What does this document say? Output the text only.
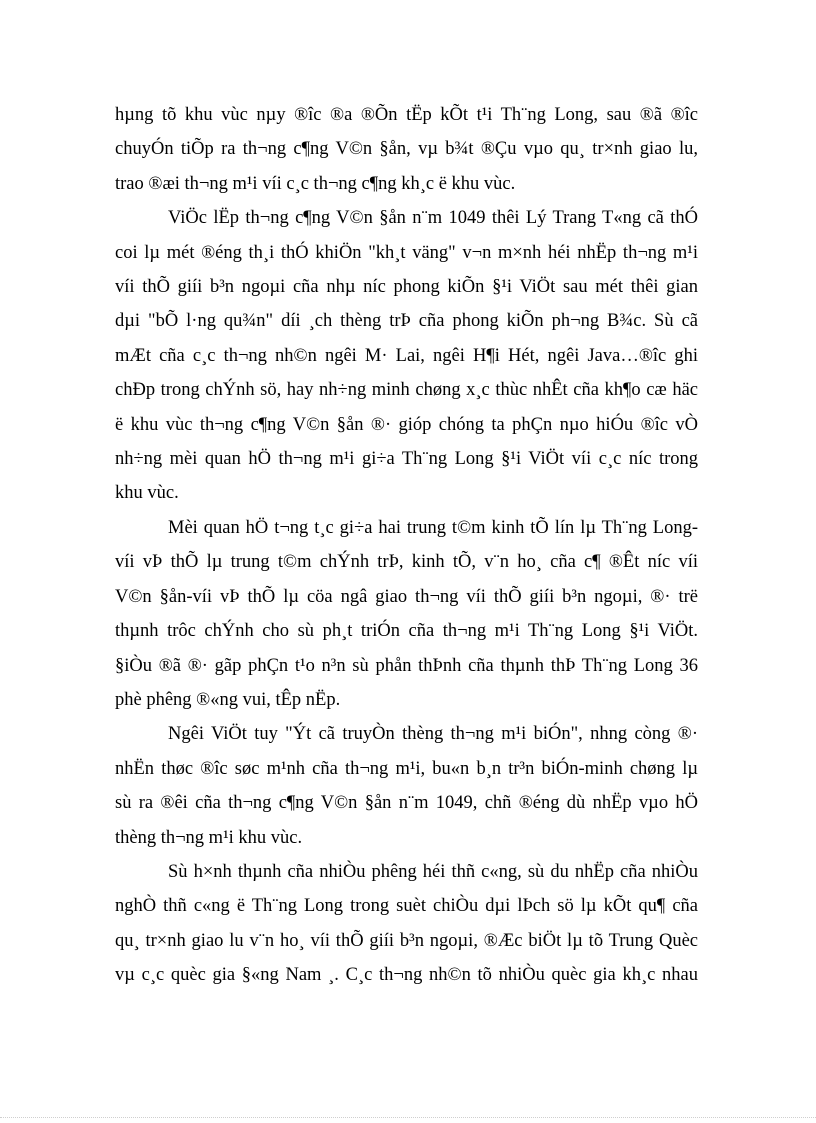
hµng tõ khu vùc nµy ®îc ®a ®Õn tËp kÕt t¹i Th¨ng Long, sau ®ã ®îc
chuyÓn tiÕp ra th¬ng c¶ng V©n §ån, vµ b¾t ®Çu vµo qu¸ tr×nh giao lu,
trao ®æi th¬ng m¹i víi c¸c th¬ng c¶ng kh¸c ë khu vùc.
ViÖc lËp th¬ng c¶ng V©n §ån n¨m 1049 thêi Lý Trang T«ng cã thÓ
coi lµ mét ®éng th¸i thÓ khiÖn "kh¸t väng" v¬n m×nh héi nhËp th¬ng m¹i
víi thÕ giíi b³n ngoµi cña nhµ níc phong kiÕn §¹i ViÖt sau mét thêi gian
dµi "bÕ l·ng qu¾n" díi ¸ch thèng trÞ cña phong kiÕn ph¬ng B¾c. Sù cã
mÆt cña c¸c th¬ng nh©n ngêi M· Lai, ngêi H¶i Hét, ngêi Java…®îc ghi
chÐp trong chÝnh sö, hay nh÷ng minh chøng x¸c thùc nhÊt cña kh¶o cæ häc
ë khu vùc th¬ng c¶ng V©n §ån ®· gióp chóng ta phÇn nµo hiÓu ®îc vÒ
nh÷ng mèi quan hÖ th¬ng m¹i gi÷a Th¨ng Long §¹i ViÖt víi c¸c níc trong
khu vùc.
Mèi quan hÖ t¬ng t¸c gi÷a hai trung t©m kinh tÕ lín lµ Th¨ng Long-
víi vÞ thÕ lµ trung t©m chÝnh trÞ, kinh tÕ, v¨n ho¸ cña c¶ ®Êt níc víi
V©n §ån-víi vÞ thÕ lµ cöa ngâ giao th¬ng víi thÕ giíi b³n ngoµi, ®· trë
thµnh trôc chÝnh cho sù ph¸t triÓn cña th¬ng m¹i Th¨ng Long §¹i ViÖt.
§iÒu ®ã ®· gãp phÇn t¹o n³n sù phån thÞnh cña thµnh thÞ Th¨ng Long 36
phè phêng ®«ng vui, tÊp nËp.
Ngêi ViÖt tuy "Ýt cã truyÒn thèng th¬ng m¹i biÓn", nhng còng ®·
nhËn thøc ®îc søc m¹nh cña th¬ng m¹i, bu«n b¸n tr³n biÓn-minh chøng lµ
sù ra ®êi cña th¬ng c¶ng V©n §ån n¨m 1049, chñ ®éng dù nhËp vµo hÖ
thèng th¬ng m¹i khu vùc.
Sù h×nh thµnh cña nhiÒu phêng héi thñ c«ng, sù du nhËp cña nhiÒu
nghÒ thñ c«ng ë Th¨ng Long trong suèt chiÒu dµi lÞch sö lµ kÕt qu¶ cña
qu¸ tr×nh giao lu v¨n ho¸ víi thÕ giíi b³n ngoµi, ®Æc biÖt lµ tõ Trung Quèc
vµ c¸c quèc gia §«ng Nam ¸. C¸c th¬ng nh©n tõ nhiÒu quèc gia kh¸c nhau
